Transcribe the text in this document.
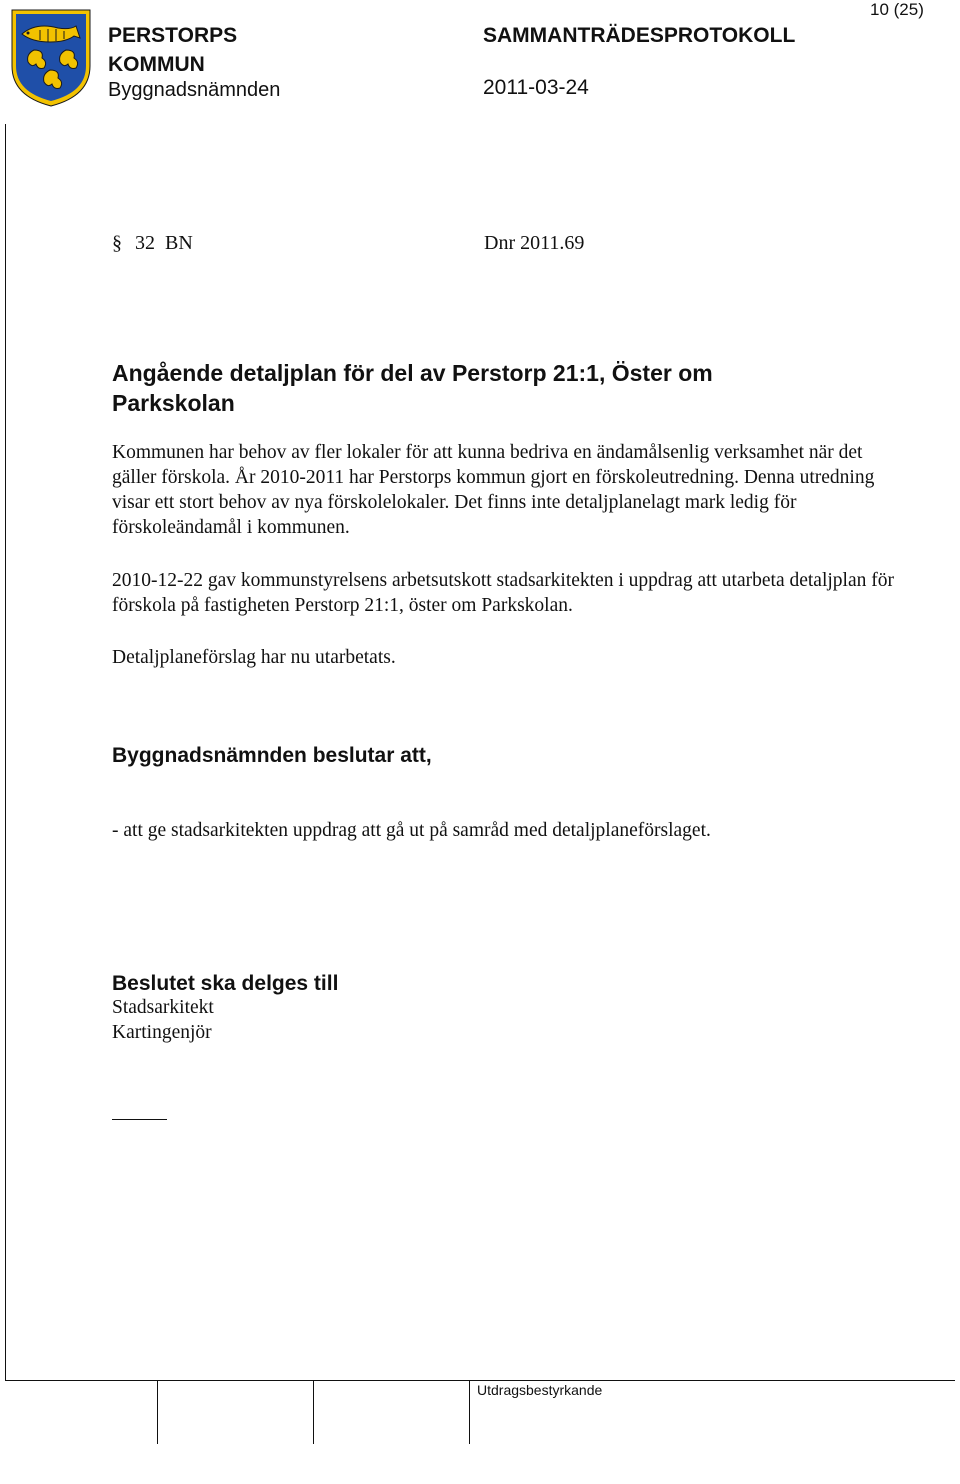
PERSTORPS
KOMMUN
Byggnadsnämnden
SAMMANTRÄDESPROTOKOLL
2011-03-24
10 (25)
§ 32  BN	Dnr 2011.69
Angående detaljplan för del av Perstorp 21:1, Öster om Parkskolan
Kommunen har behov av fler lokaler för att kunna bedriva en ändamålsenlig verksamhet när det gäller förskola. År 2010-2011 har Perstorps kommun gjort en förskoleutredning. Denna utredning visar ett stort behov av nya förskolelokaler. Det finns inte detaljplanelagt mark ledig för förskoleändamål i kommunen.
2010-12-22 gav kommunstyrelsens arbetsutskott stadsarkitekten i uppdrag att utarbeta detaljplan för förskola på fastigheten Perstorp 21:1, öster om Parkskolan.
Detaljplaneförslag har nu utarbetats.
Byggnadsnämnden beslutar att,
- att ge stadsarkitekten uppdrag att gå ut på samråd med detaljplaneförslaget.
Beslutet ska delges till
Stadsarkitekt
Kartingenjör
Utdragsbestyrkande
